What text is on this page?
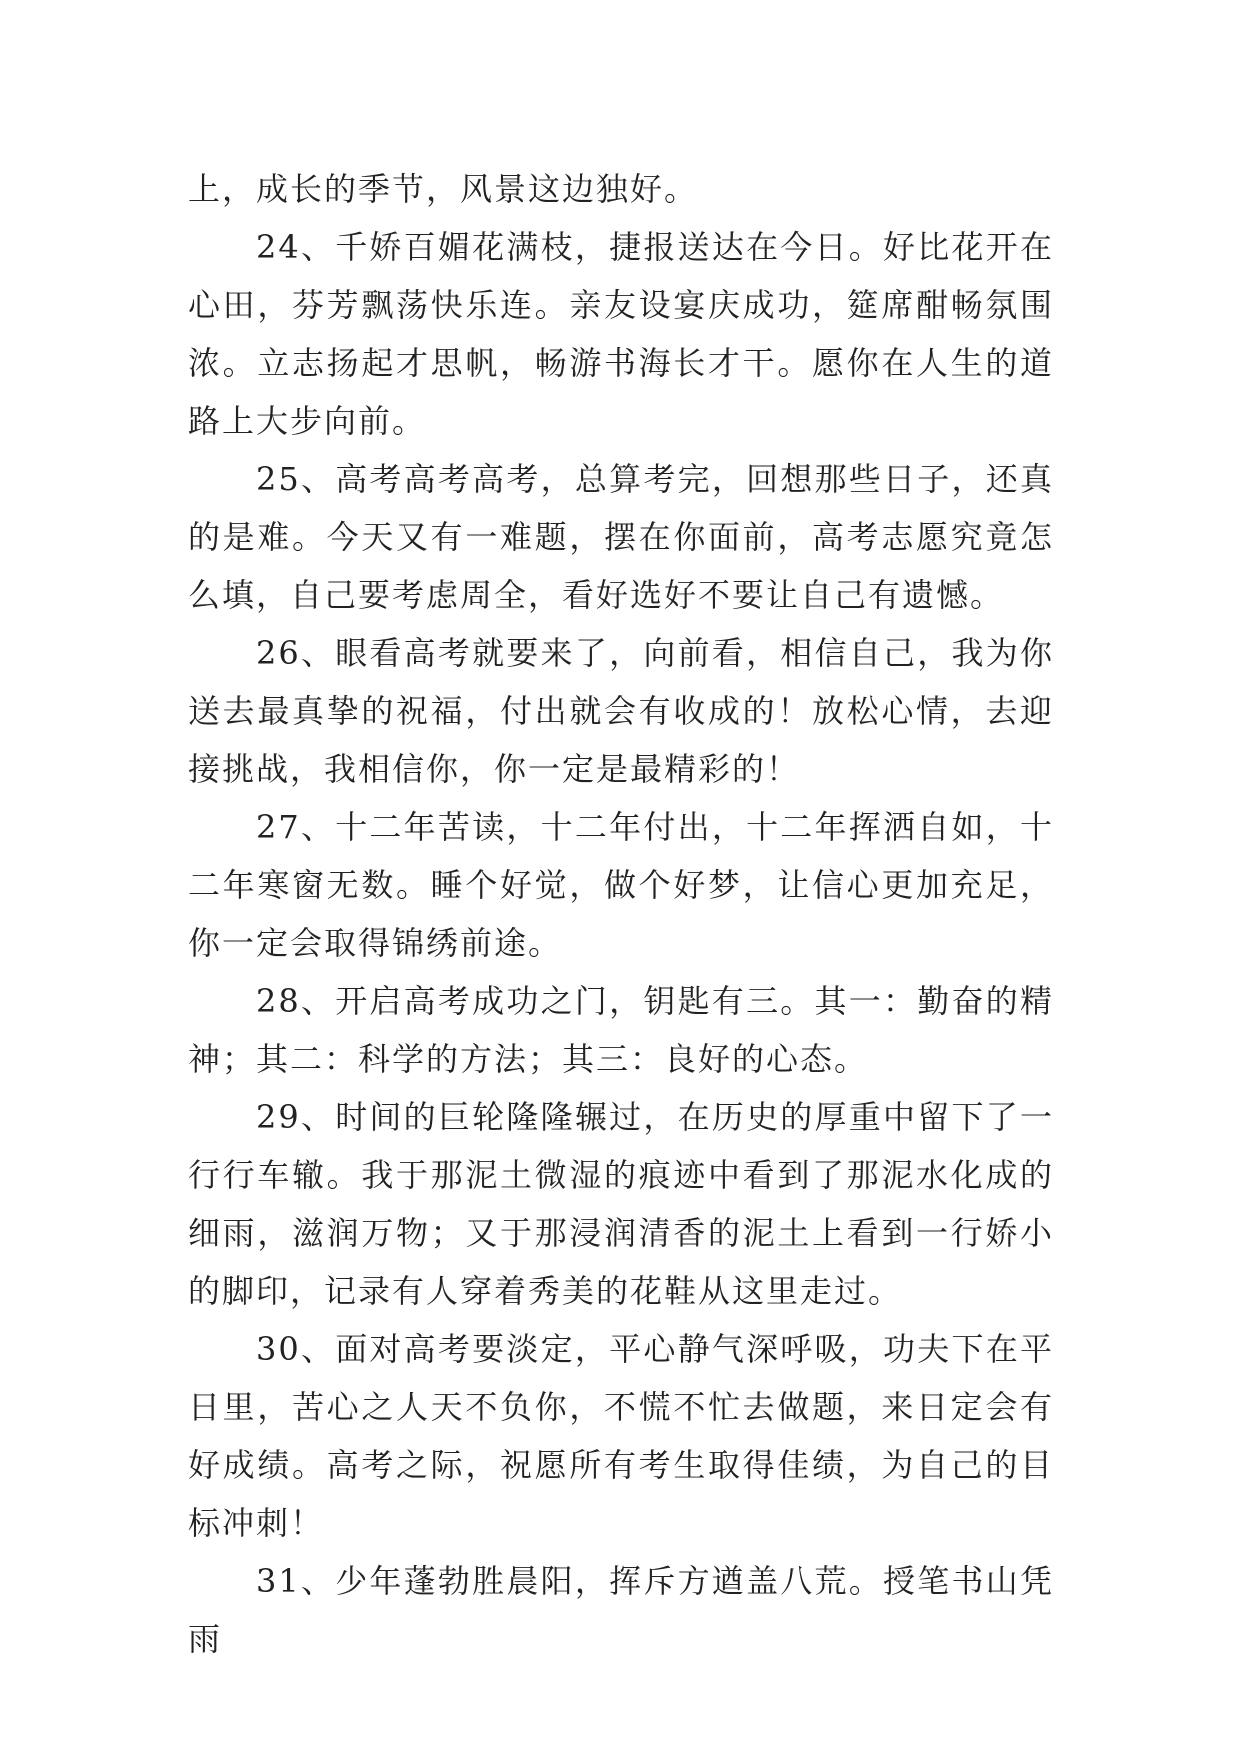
上，成长的季节，风景这边独好。

24、千娇百媚花满枝，捷报送达在今日。好比花开在心田，芬芳飘荡快乐连。亲友设宴庆成功，筵席酣畅氛围浓。立志扬起才思帆，畅游书海长才干。愿你在人生的道路上大步向前。

25、高考高考高考，总算考完，回想那些日子，还真的是难。今天又有一难题，摆在你面前，高考志愿究竟怎么填，自己要考虑周全，看好选好不要让自己有遗憾。

26、眼看高考就要来了，向前看，相信自己，我为你送去最真挚的祝福，付出就会有收成的！放松心情，去迎接挑战，我相信你，你一定是最精彩的！

27、十二年苦读，十二年付出，十二年挥洒自如，十二年寒窗无数。睡个好觉，做个好梦，让信心更加充足，你一定会取得锦绣前途。

28、开启高考成功之门，钥匙有三。其一：勤奋的精神；其二：科学的方法；其三：良好的心态。

29、时间的巨轮隆隆辗过，在历史的厚重中留下了一行行车辙。我于那泥土微湿的痕迹中看到了那泥水化成的细雨，滋润万物；又于那浸润清香的泥土上看到一行娇小的脚印，记录有人穿着秀美的花鞋从这里走过。

30、面对高考要淡定，平心静气深呼吸，功夫下在平日里，苦心之人天不负你，不慌不忙去做题，来日定会有好成绩。高考之际，祝愿所有考生取得佳绩，为自己的目标冲刺！

31、少年蓬勃胜晨阳，挥斥方遒盖八荒。授笔书山凭雨
